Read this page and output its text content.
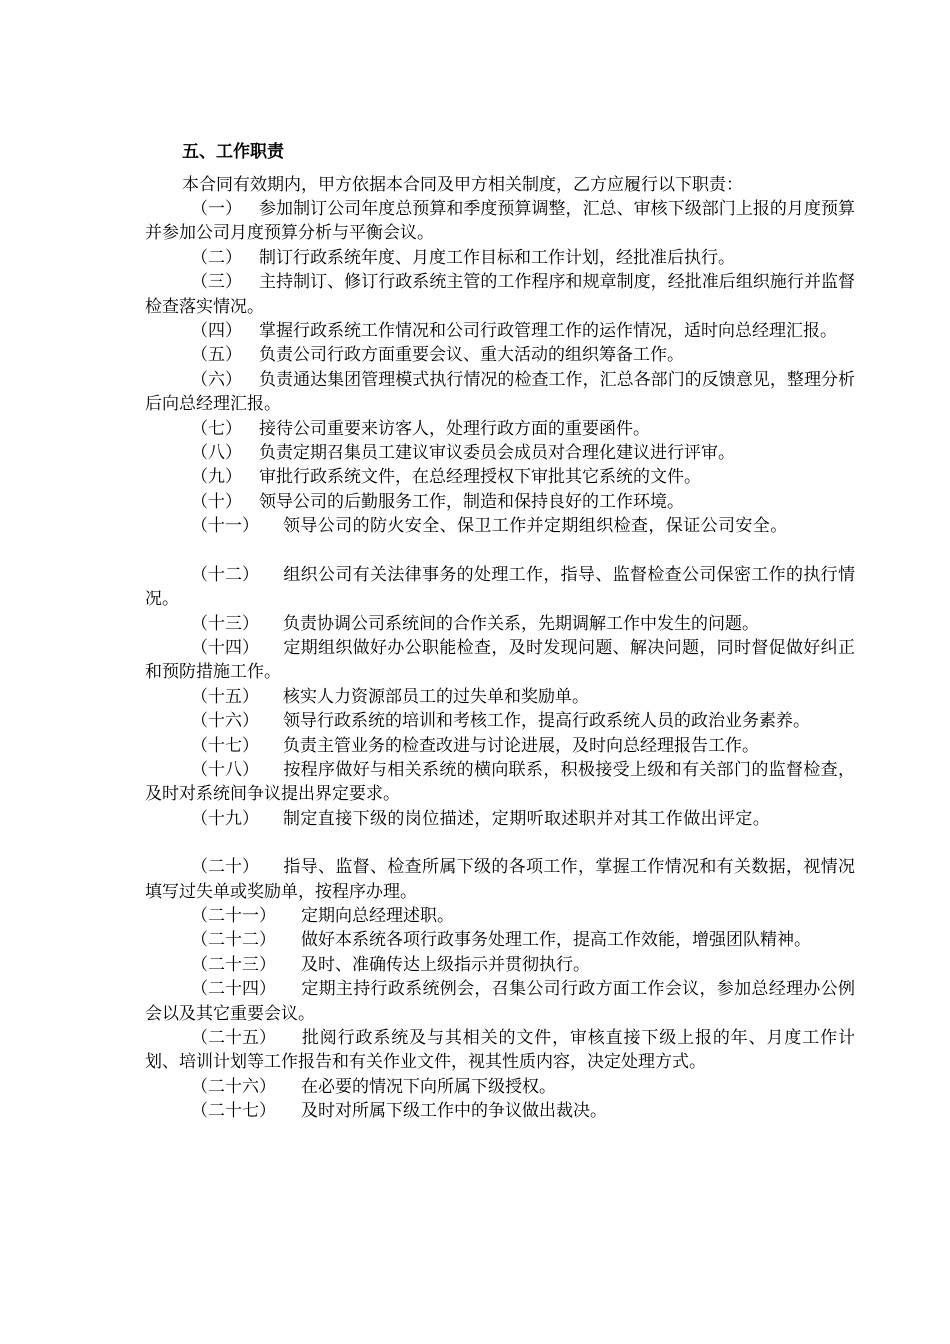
五、工作职责
本合同有效期内，甲方依据本合同及甲方相关制度，乙方应履行以下职责：

（一） 参加制订公司年度总预算和季度预算调整，汇总、审核下级部门上报的月度预算并参加公司月度预算分析与平衡会议。

（二） 制订行政系统年度、月度工作目标和工作计划，经批准后执行。

（三） 主持制订、修订行政系统主管的工作程序和规章制度，经批准后组织施行并监督检查落实情况。

（四） 掌握行政系统工作情况和公司行政管理工作的运作情况，适时向总经理汇报。

（五） 负责公司行政方面重要会议、重大活动的组织筹备工作。

（六） 负责通达集团管理模式执行情况的检查工作，汇总各部门的反馈意见，整理分析后向总经理汇报。

（七） 接待公司重要来访客人，处理行政方面的重要函件。

（八） 负责定期召集员工建议审议委员会成员对合理化建议进行评审。

（九） 审批行政系统文件，在总经理授权下审批其它系统的文件。

（十） 领导公司的后勤服务工作，制造和保持良好的工作环境。

（十一） 领导公司的防火安全、保卫工作并定期组织检查，保证公司安全。

（十二） 组织公司有关法律事务的处理工作，指导、监督检查公司保密工作的执行情况。

（十三） 负责协调公司系统间的合作关系，先期调解工作中发生的问题。

（十四） 定期组织做好办公职能检查，及时发现问题、解决问题，同时督促做好纠正和预防措施工作。

（十五） 核实人力资源部员工的过失单和奖励单。

（十六） 领导行政系统的培训和考核工作，提高行政系统人员的政治业务素养。

（十七） 负责主管业务的检查改进与讨论进展，及时向总经理报告工作。

（十八） 按程序做好与相关系统的横向联系，积极接受上级和有关部门的监督检查，及时对系统间争议提出界定要求。

（十九） 制定直接下级的岗位描述，定期听取述职并对其工作做出评定。

（二十） 指导、监督、检查所属下级的各项工作，掌握工作情况和有关数据，视情况填写过失单或奖励单，按程序办理。

（二十一） 定期向总经理述职。

（二十二） 做好本系统各项行政事务处理工作，提高工作效能，增强团队精神。

（二十三） 及时、准确传达上级指示并贯彻执行。

（二十四） 定期主持行政系统例会，召集公司行政方面工作会议，参加总经理办公例会以及其它重要会议。

（二十五） 批阅行政系统及与其相关的文件，审核直接下级上报的年、月度工作计划、培训计划等工作报告和有关作业文件，视其性质内容，决定处理方式。

（二十六） 在必要的情况下向所属下级授权。

（二十七） 及时对所属下级工作中的争议做出裁决。
